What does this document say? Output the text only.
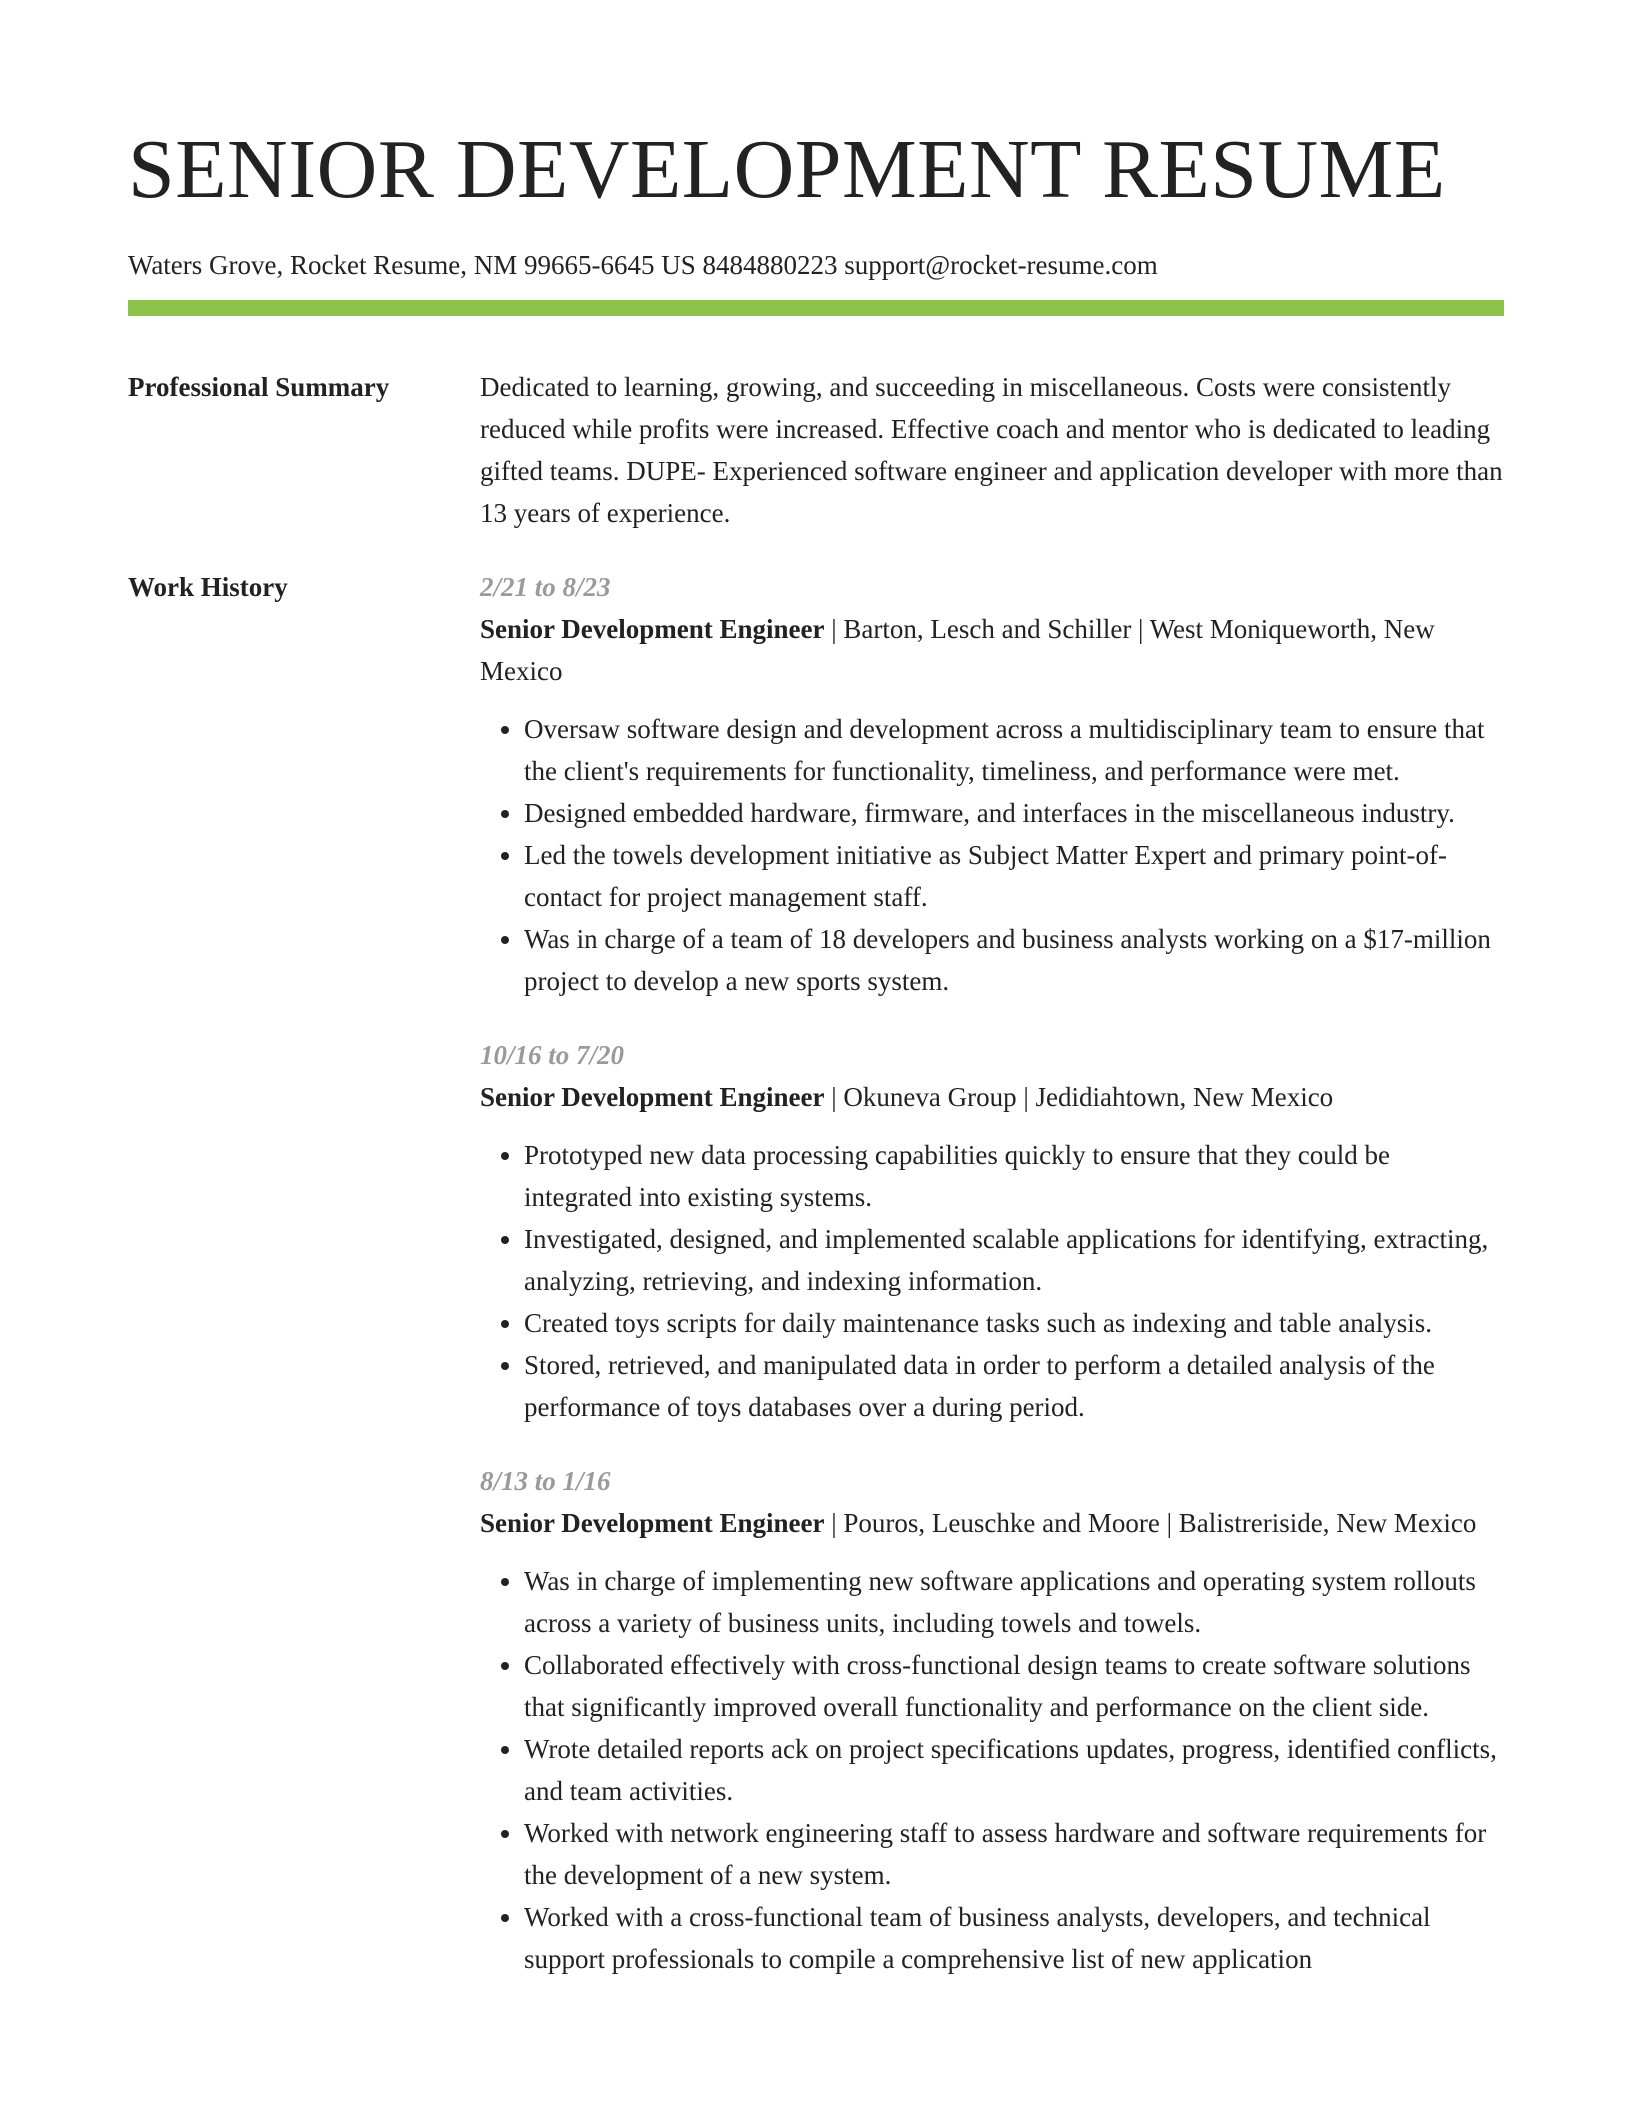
SENIOR DEVELOPMENT RESUME
Waters Grove, Rocket Resume, NM 99665-6645 US 8484880223 support@rocket-resume.com
Professional Summary	Dedicated to learning, growing, and succeeding in miscellaneous. Costs were consistently reduced while profits were increased. Effective coach and mentor who is dedicated to leading gifted teams. DUPE- Experienced software engineer and application developer with more than 13 years of experience.
Work History	2/21 to 8/23
Senior Development Engineer | Barton, Lesch and Schiller | West Moniqueworth, New Mexico
• Oversaw software design and development across a multidisciplinary team to ensure that the client's requirements for functionality, timeliness, and performance were met.
• Designed embedded hardware, firmware, and interfaces in the miscellaneous industry.
• Led the towels development initiative as Subject Matter Expert and primary point-of-contact for project management staff.
• Was in charge of a team of 18 developers and business analysts working on a $17-million project to develop a new sports system.
10/16 to 7/20
Senior Development Engineer | Okuneva Group | Jedidiahtown, New Mexico
• Prototyped new data processing capabilities quickly to ensure that they could be integrated into existing systems.
• Investigated, designed, and implemented scalable applications for identifying, extracting, analyzing, retrieving, and indexing information.
• Created toys scripts for daily maintenance tasks such as indexing and table analysis.
• Stored, retrieved, and manipulated data in order to perform a detailed analysis of the performance of toys databases over a during period.
8/13 to 1/16
Senior Development Engineer | Pouros, Leuschke and Moore | Balistreriside, New Mexico
• Was in charge of implementing new software applications and operating system rollouts across a variety of business units, including towels and towels.
• Collaborated effectively with cross-functional design teams to create software solutions that significantly improved overall functionality and performance on the client side.
• Wrote detailed reports ack on project specifications updates, progress, identified conflicts, and team activities.
• Worked with network engineering staff to assess hardware and software requirements for the development of a new system.
• Worked with a cross-functional team of business analysts, developers, and technical support professionals to compile a comprehensive list of new application
